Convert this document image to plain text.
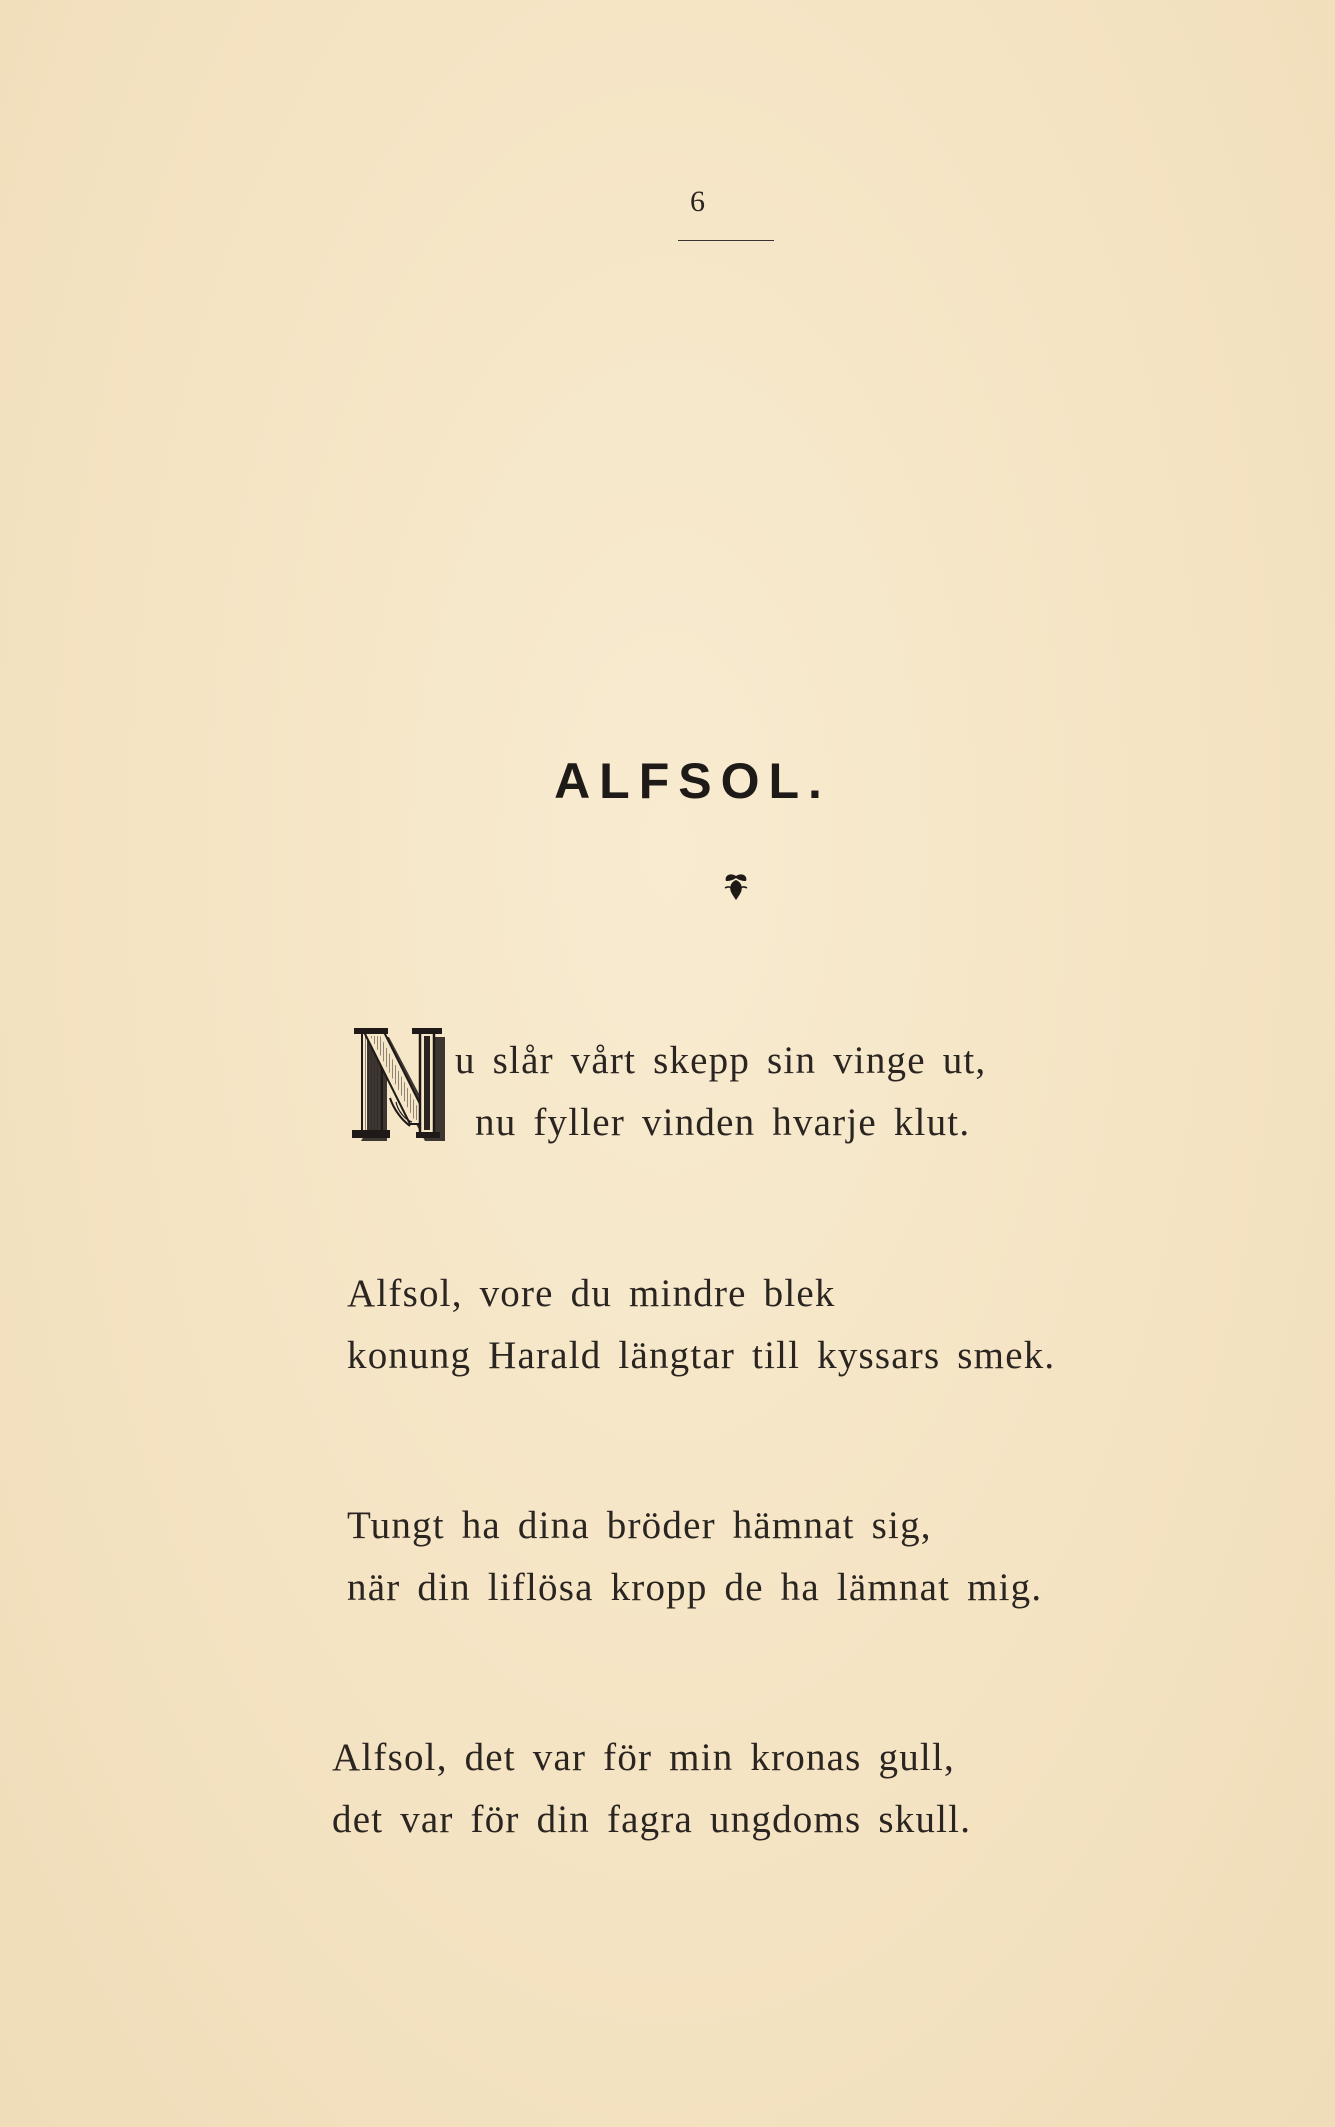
6
ALFSOL.
u slår vårt skepp sin vinge ut,
nu fyller vinden hvarje klut.
Alfsol, vore du mindre blek
konung Harald längtar till kyssars smek.
Tungt ha dina bröder hämnat sig,
när din liflösa kropp de ha lämnat mig.
Alfsol, det var för min kronas gull,
det var för din fagra ungdoms skull.
